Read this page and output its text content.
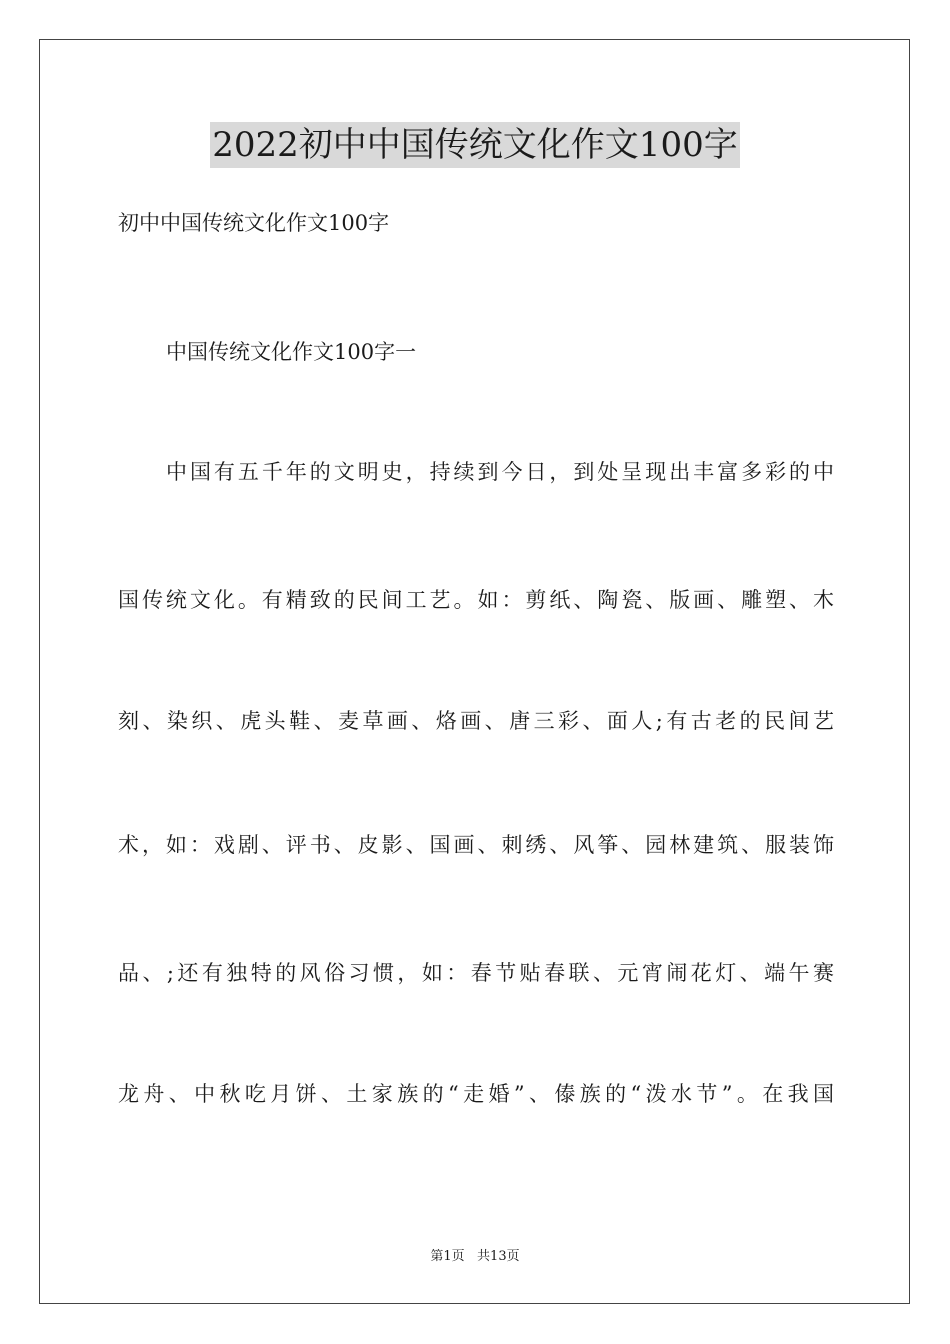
2022初中中国传统文化作文100字
初中中国传统文化作文100字
中国传统文化作文100字一
中国有五千年的文明史，持续到今日，到处呈现出丰富多彩的中
国传统文化。有精致的民间工艺。如：剪纸、陶瓷、版画、雕塑、木
刻、染织、虎头鞋、麦草画、烙画、唐三彩、面人;有古老的民间艺
术，如：戏剧、评书、皮影、国画、刺绣、风筝、园林建筑、服装饰
品、;还有独特的风俗习惯，如：春节贴春联、元宵闹花灯、端午赛
龙舟、中秋吃月饼、土家族的“走婚”、傣族的“泼水节”。在我国
第1页   共13页
